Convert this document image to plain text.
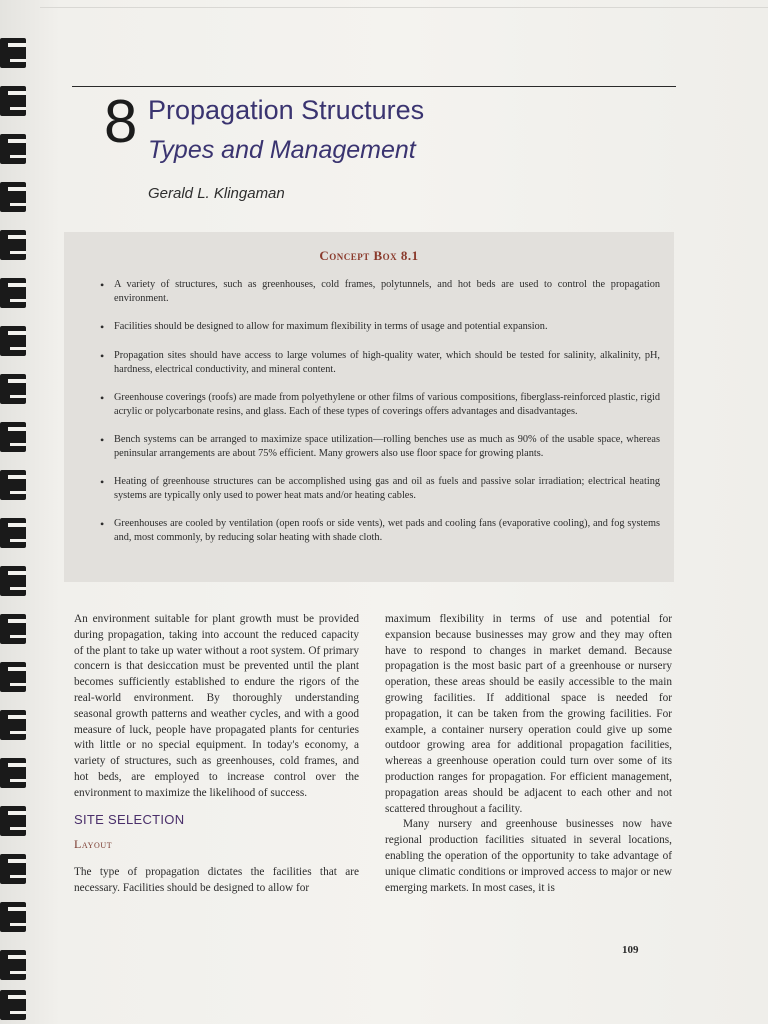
8 Propagation Structures
Types and Management
Gerald L. Klingaman
Concept Box 8.1
• A variety of structures, such as greenhouses, cold frames, polytunnels, and hot beds are used to control the propagation environment.
• Facilities should be designed to allow for maximum flexibility in terms of usage and potential expansion.
• Propagation sites should have access to large volumes of high-quality water, which should be tested for salinity, alkalinity, pH, hardness, electrical conductivity, and mineral content.
• Greenhouse coverings (roofs) are made from polyethylene or other films of various compositions, fiberglass-reinforced plastic, rigid acrylic or polycarbonate resins, and glass. Each of these types of coverings offers advantages and disadvantages.
• Bench systems can be arranged to maximize space utilization—rolling benches use as much as 90% of the usable space, whereas peninsular arrangements are about 75% efficient. Many growers also use floor space for growing plants.
• Heating of greenhouse structures can be accomplished using gas and oil as fuels and passive solar irradiation; electrical heating systems are typically only used to power heat mats and/or heating cables.
• Greenhouses are cooled by ventilation (open roofs or side vents), wet pads and cooling fans (evaporative cooling), and fog systems and, most commonly, by reducing solar heating with shade cloth.

An environment suitable for plant growth must be provided during propagation, taking into account the reduced capacity of the plant to take up water without a root system. Of primary concern is that desiccation must be prevented until the plant becomes sufficiently established to endure the rigors of the real-world environment. By thoroughly understanding seasonal growth patterns and weather cycles, and with a good measure of luck, people have propagated plants for centuries with little or no special equipment. In today's economy, a variety of structures, such as greenhouses, cold frames, and hot beds, are employed to increase control over the environment to maximize the likelihood of success.

SITE SELECTION
Layout

The type of propagation dictates the facilities that are necessary. Facilities should be designed to allow for

maximum flexibility in terms of use and potential for expansion because businesses may grow and they may often have to respond to changes in market demand. Because propagation is the most basic part of a greenhouse or nursery operation, these areas should be easily accessible to the main growing facilities. If additional space is needed for propagation, it can be taken from the growing facilities. For example, a container nursery operation could give up some outdoor growing area for additional propagation facilities, whereas a greenhouse operation could turn over some of its production ranges for propagation. For efficient management, propagation areas should be adjacent to each other and not scattered throughout a facility.

Many nursery and greenhouse businesses now have regional production facilities situated in several locations, enabling the operation of the opportunity to take advantage of unique climatic conditions or improved access to major or new emerging markets. In most cases, it is

109
